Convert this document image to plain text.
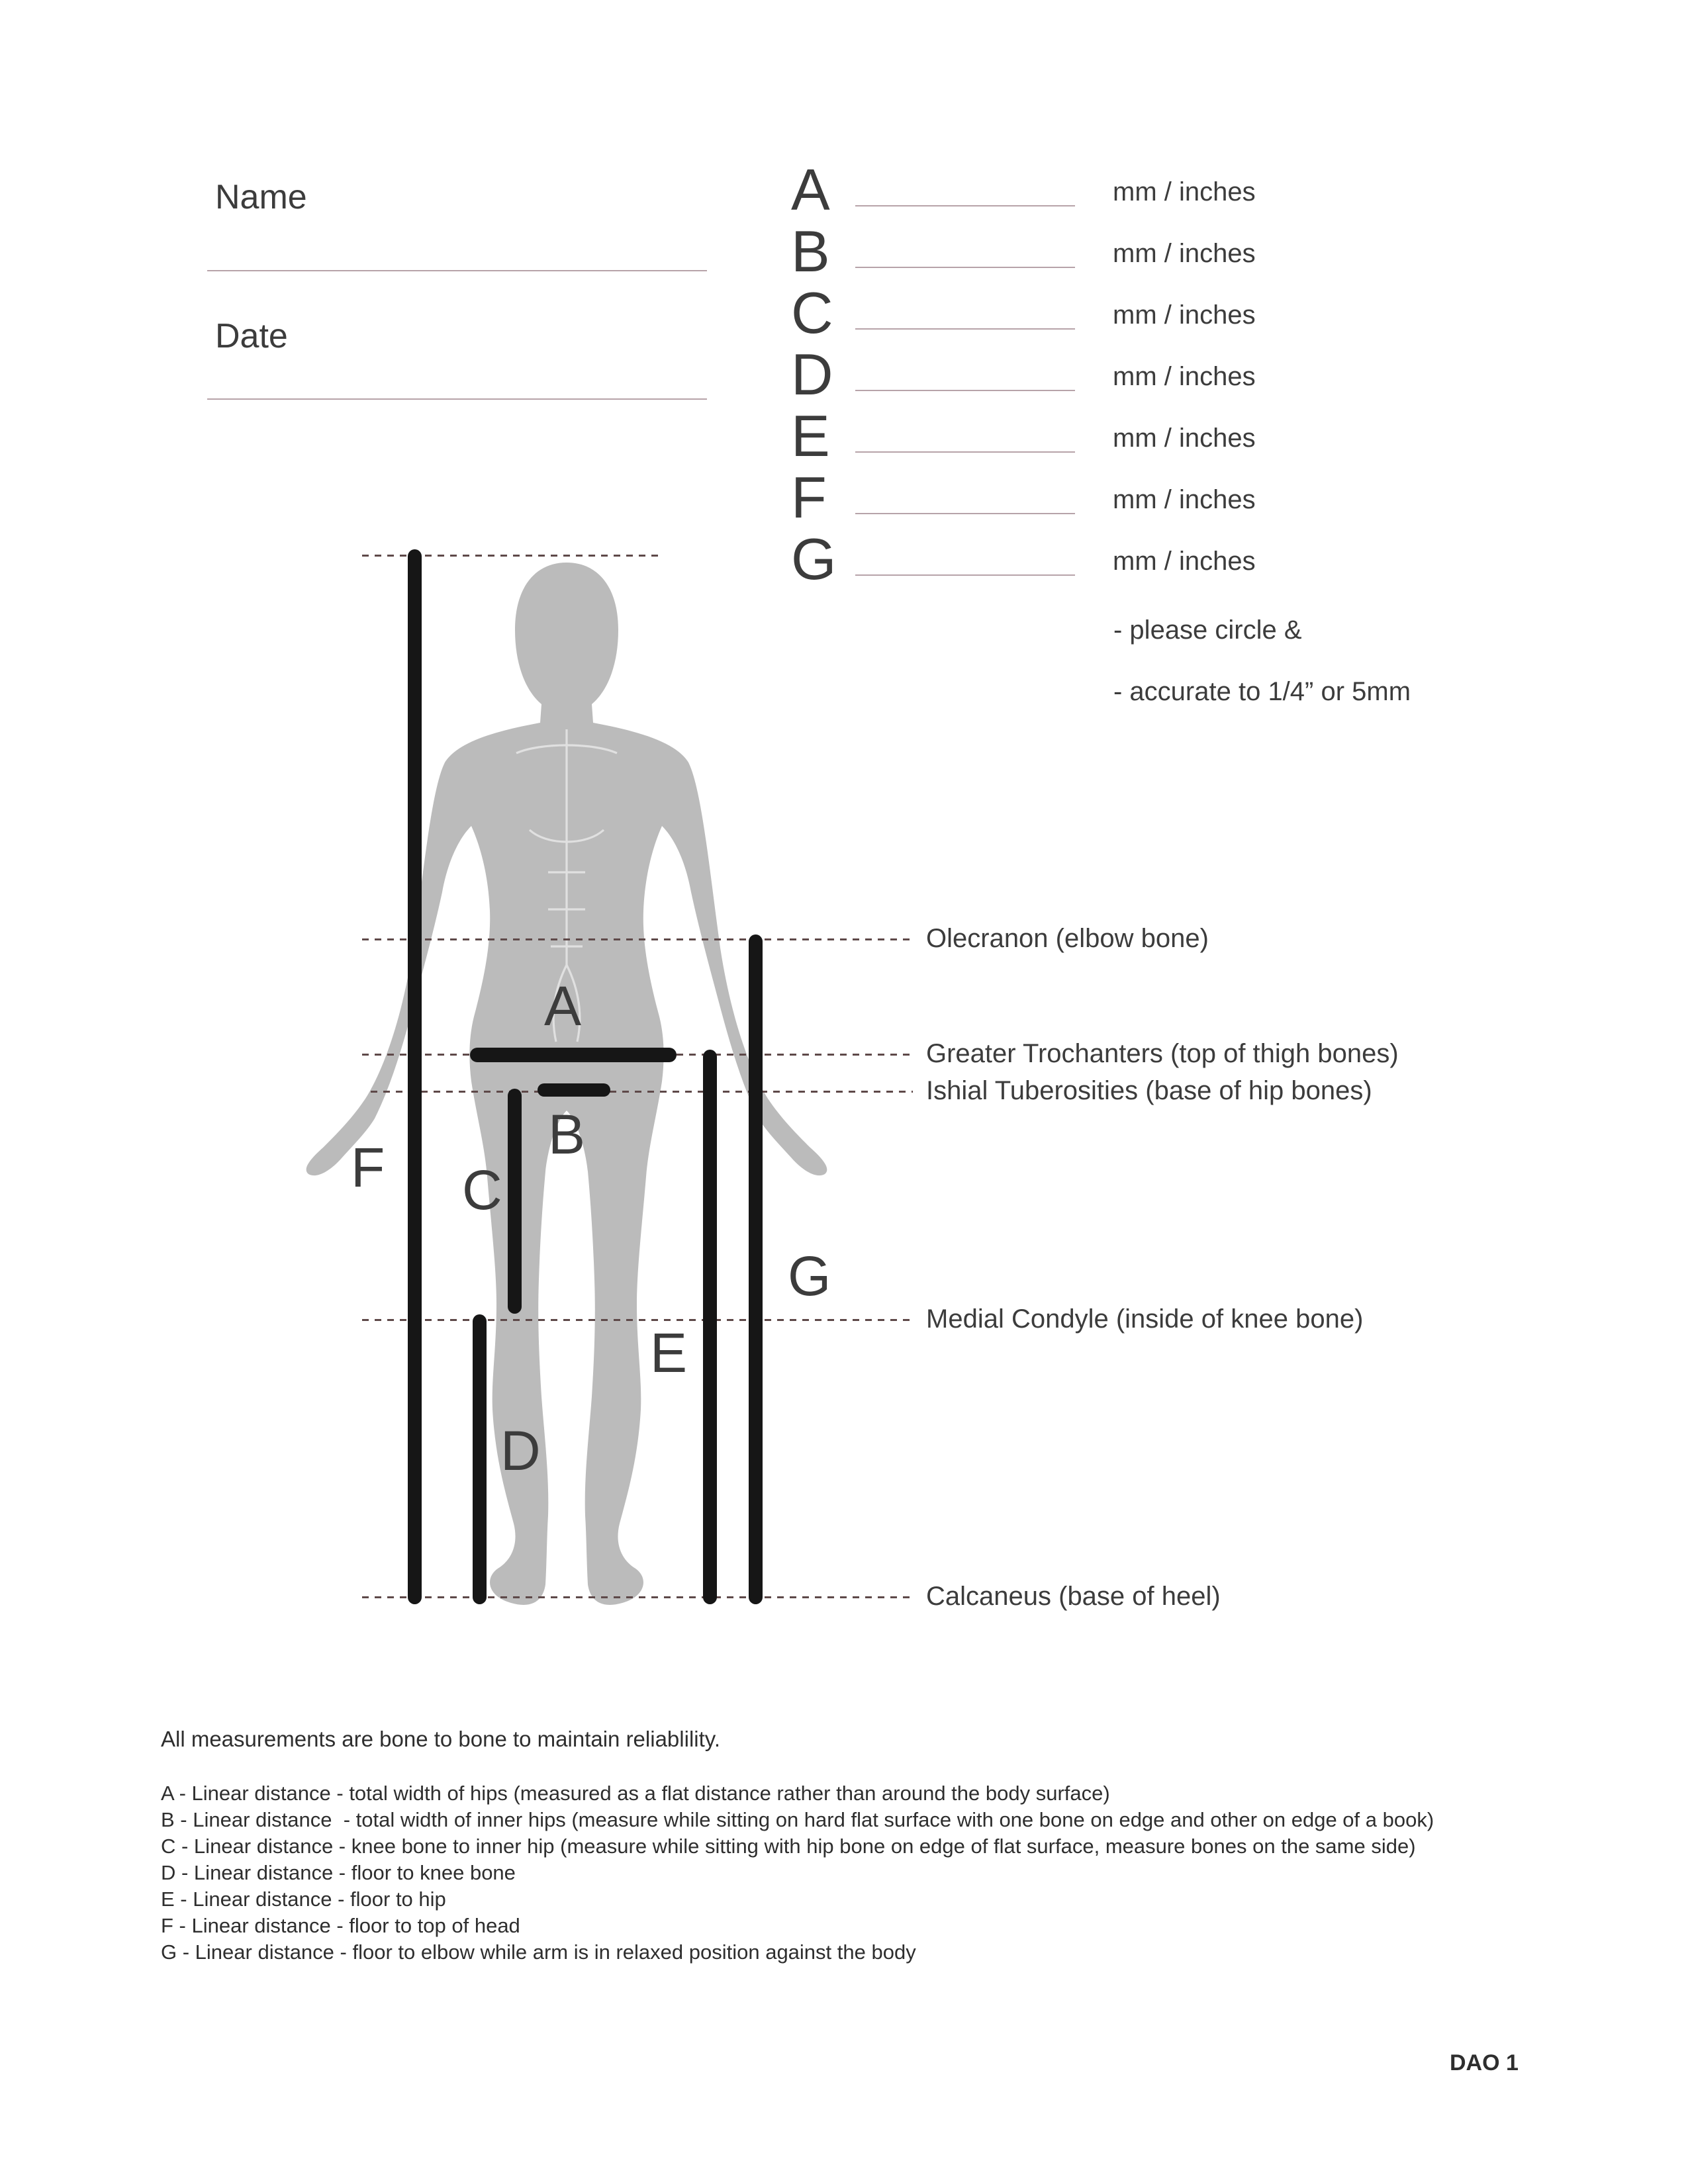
Name
Date
A	mm / inches
B	mm / inches
C	mm / inches
D	mm / inches
E	mm / inches
F	mm / inches
G	mm / inches
- please circle &
- accurate to 1/4” or 5mm
A
B
C
D
E
F
G
Olecranon (elbow bone)
Greater Trochanters (top of thigh bones)
Ishial Tuberosities (base of hip bones)
Medial Condyle (inside of knee bone)
Calcaneus (base of heel)
All measurements are bone to bone to maintain reliablility.
A - Linear distance - total width of hips (measured as a flat distance rather than around the body surface)
B - Linear distance  - total width of inner hips (measure while sitting on hard flat surface with one bone on edge and other on edge of a book)
C - Linear distance - knee bone to inner hip (measure while sitting with hip bone on edge of flat surface, measure bones on the same side)
D - Linear distance - floor to knee bone
E - Linear distance - floor to hip
F - Linear distance - floor to top of head
G - Linear distance - floor to elbow while arm is in relaxed position against the body
DAO 1
